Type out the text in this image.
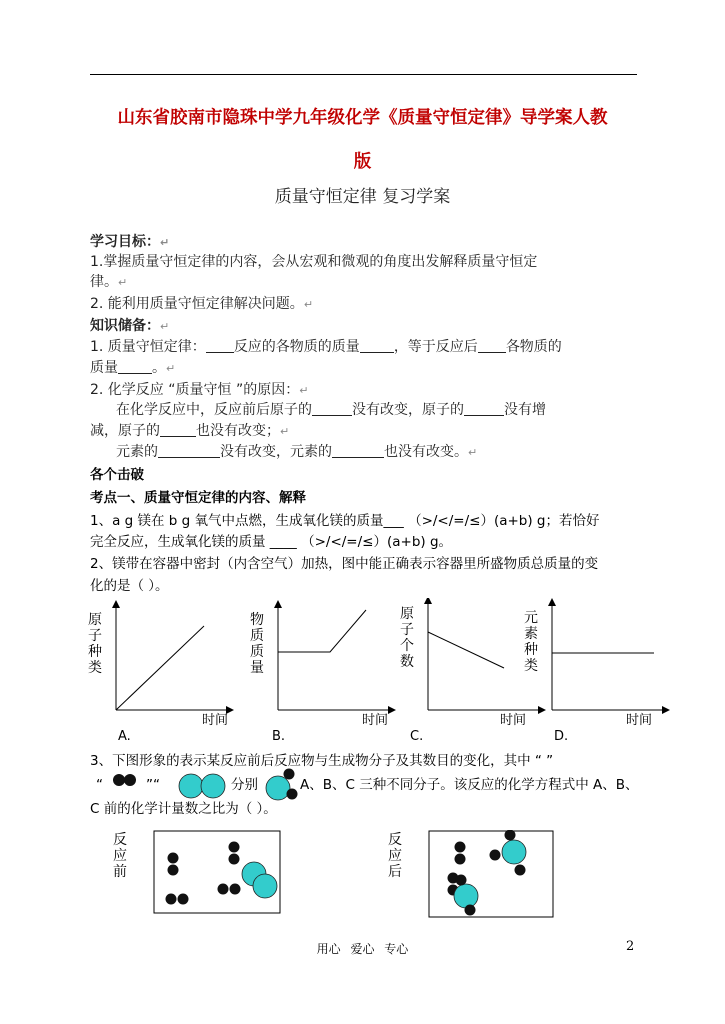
山东省胶南市隐珠中学九年级化学《质量守恒定律》导学案人教
版
质量守恒定律 复习学案
学习目标：↵
1.掌握质量守恒定律的内容，会从宏观和微观的角度出发解释质量守恒定
律。↵
2. 能利用质量守恒定律解决问题。↵
知识储备：↵
1. 质量守恒定律： 反应的各物质的质量 ，等于反应后 各物质的
质量 。↵
2. 化学反应 “质量守恒 ”的原因：↵
在化学反应中，反应前后原子的	没有改变，原子的	没有增
减，原子的	也没有改变；↵
元素的	没有改变，元素的	也没有改变。↵
各个击破
考点一、质量守恒定律的内容、解释
1、a g 镁在 b g 氧气中点燃，生成氧化镁的质量___ （>/</=/≤）(a+b) g；若恰好
完全反应，生成氧化镁的质量 ____ （>/</=/≤）(a+b) g。
2、镁带在容器中密封（内含空气）加热，图中能正确表示容器里所盛物质总质量的变
化的是（ ）。
原子种类
时间
A.
物质质量
时间
B.
原子个数
时间
C.
元素种类
时间
D.
3、下图形象的表示某反应前后反应物与生成物分子及其数目的变化，其中 “ ”
“	”“	分别	A、B、C 三种不同分子。该反应的化学方程式中 A、B、
C 前的化学计量数之比为（ ）。
反
应
前
反
应
后
用心 爱心 专心	2
